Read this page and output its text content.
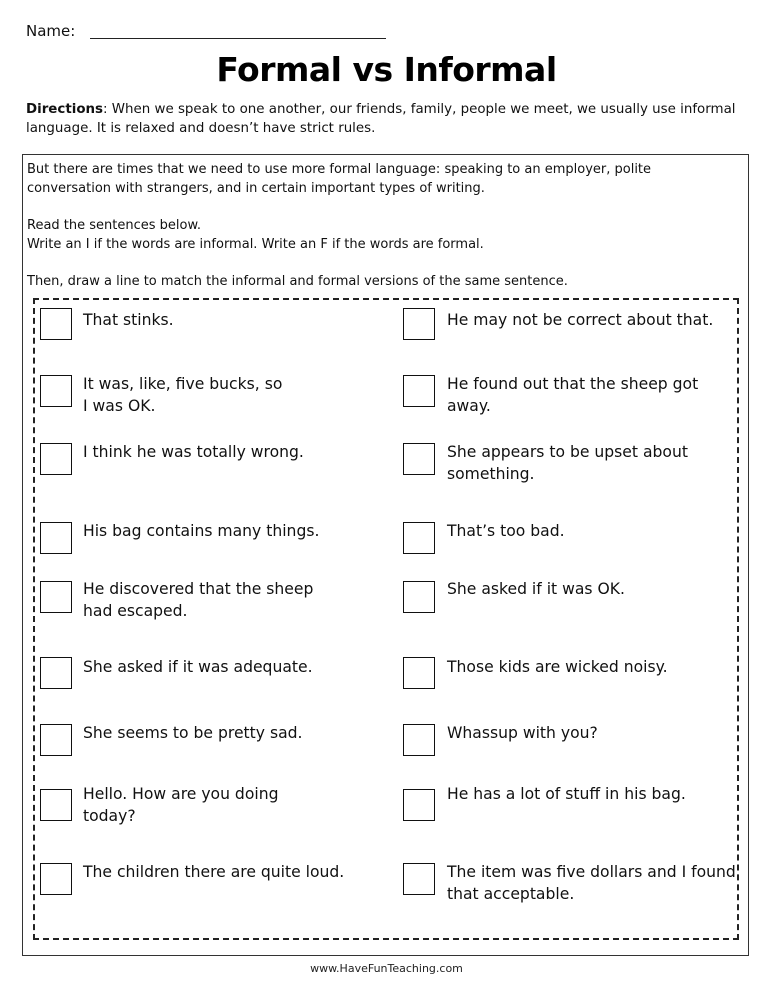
Name:
Formal vs Informal
Directions: When we speak to one another, our friends, family, people we meet, we usually use informal language. It is relaxed and doesn’t have strict rules.
But there are times that we need to use more formal language: speaking to an employer, polite
conversation with strangers, and in certain important types of writing.
Read the sentences below.
Write an I if the words are informal. Write an F if the words are formal.
Then, draw a line to match the informal and formal versions of the same sentence.
That stinks.
It was, like, five bucks, so
I was OK.
I think he was totally wrong.
His bag contains many things.
He discovered that the sheep
had escaped.
She asked if it was adequate.
She seems to be pretty sad.
Hello. How are you doing
today?
The children there are quite loud.
He may not be correct about that.
He found out that the sheep got
away.
She appears to be upset about
something.
That’s too bad.
She asked if it was OK.
Those kids are wicked noisy.
Whassup with you?
He has a lot of stuff in his bag.
The item was five dollars and I found
that acceptable.
www.HaveFunTeaching.com
